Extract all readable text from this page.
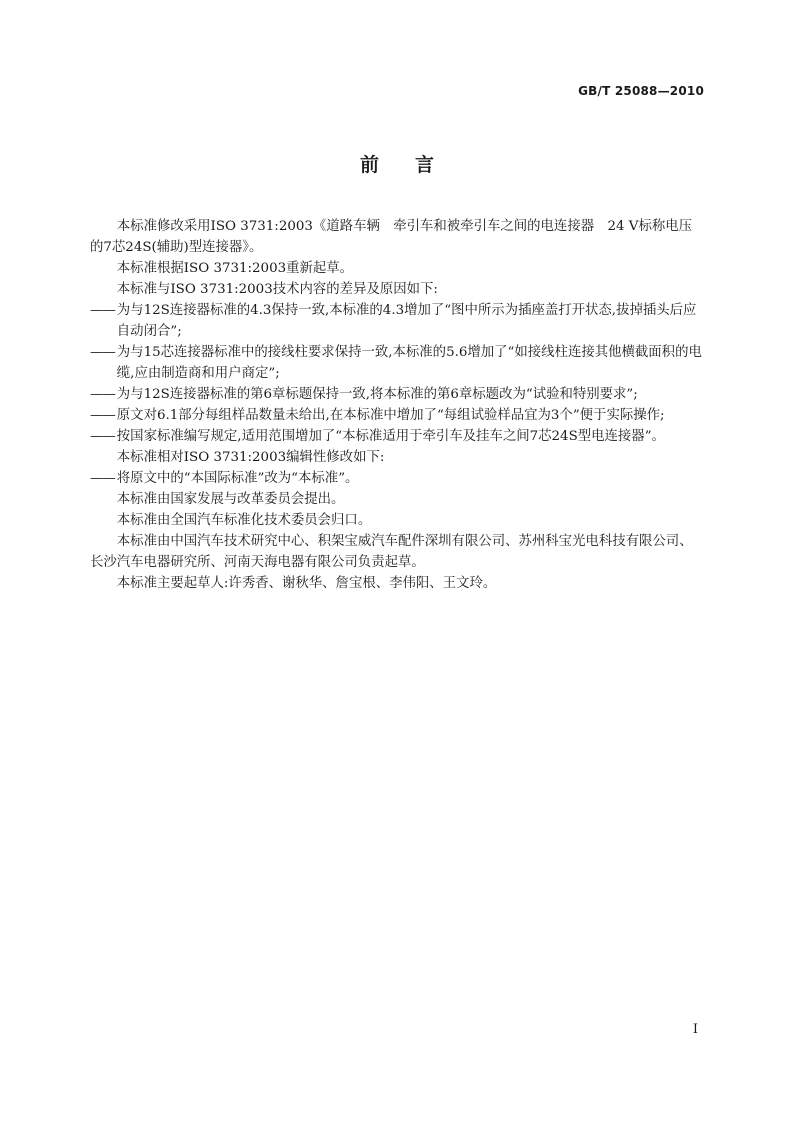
GB/T 25088—2010
前言

本标准修改采用ISO 3731:2003《道路车辆　牵引车和被牵引车之间的电连接器　24 V标称电压的7芯24S(辅助)型连接器》。

本标准根据ISO 3731:2003重新起草。

本标准与ISO 3731:2003技术内容的差异及原因如下:

—— 为与12S连接器标准的4.3保持一致,本标准的4.3增加了“图中所示为插座盖打开状态,拔掉插头后应自动闭合”;

—— 为与15芯连接器标准中的接线柱要求保持一致,本标准的5.6增加了“如接线柱连接其他横截面积的电缆,应由制造商和用户商定”;

—— 为与12S连接器标准的第6章标题保持一致,将本标准的第6章标题改为“试验和特别要求”;

—— 原文对6.1部分每组样品数量未给出,在本标准中增加了“每组试验样品宜为3个”便于实际操作;

—— 按国家标准编写规定,适用范围增加了“本标准适用于牵引车及挂车之间7芯24S型电连接器”。

本标准相对ISO 3731:2003编辑性修改如下:

—— 将原文中的“本国际标准”改为“本标准”。

本标准由国家发展与改革委员会提出。

本标准由全国汽车标准化技术委员会归口。

本标准由中国汽车技术研究中心、积架宝威汽车配件深圳有限公司、苏州科宝光电科技有限公司、长沙汽车电器研究所、河南天海电器有限公司负责起草。

本标准主要起草人:许秀香、谢秋华、詹宝根、李伟阳、王文玲。

I
